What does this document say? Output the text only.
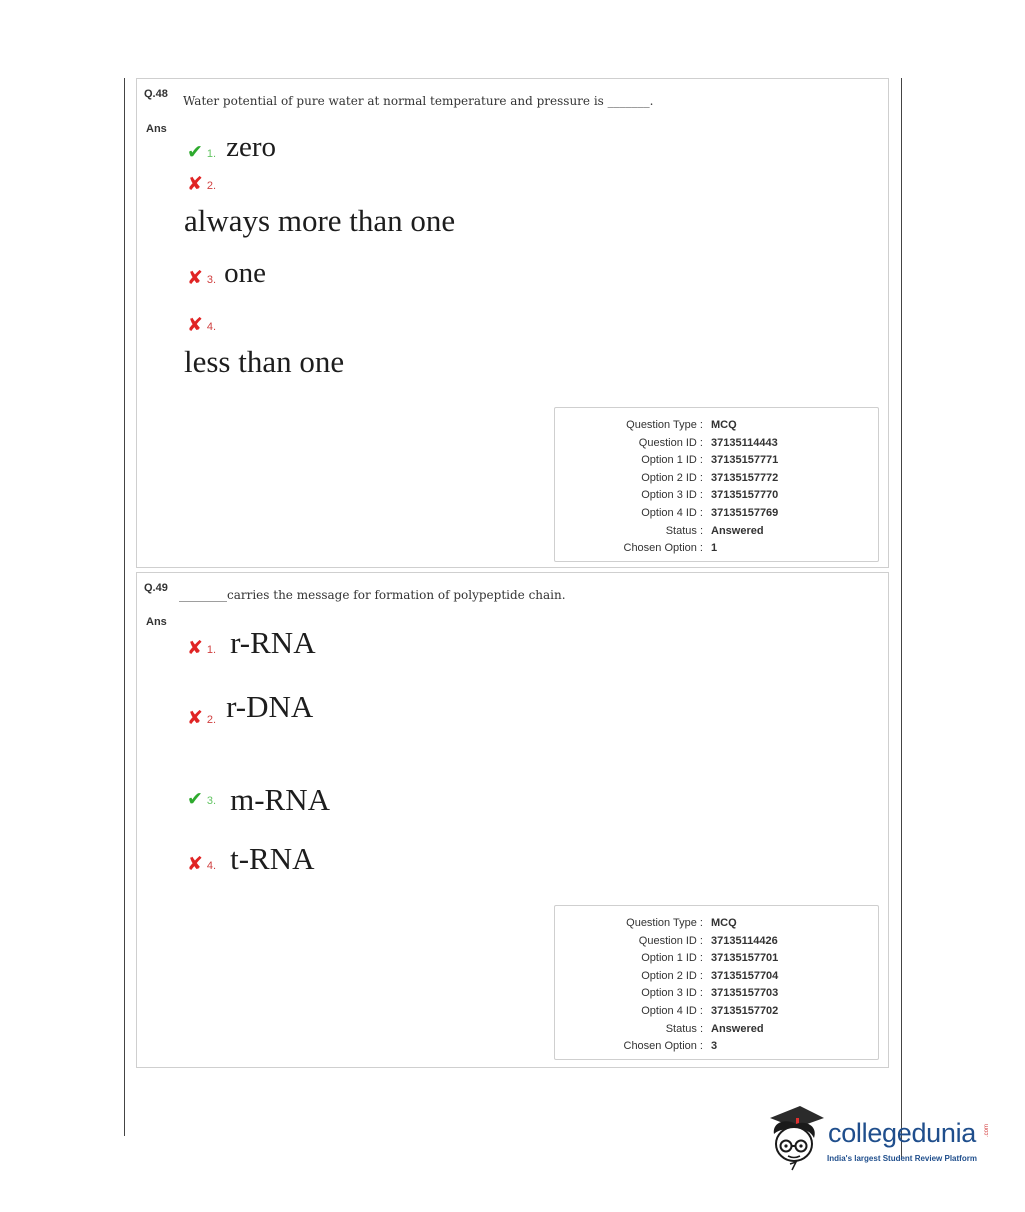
Q.48 Water potential of pure water at normal temperature and pressure is _______.
Ans
✔ 1. zero
✘ 2.
always more than one
✘ 3. one
✘ 4.
less than one
Question Type : MCQ
Question ID : 37135114443
Option 1 ID : 37135157771
Option 2 ID : 37135157772
Option 3 ID : 37135157770
Option 4 ID : 37135157769
Status : Answered
Chosen Option : 1
Q.49 ________carries the message for formation of polypeptide chain.
Ans
✘ 1. r-RNA
✘ 2. r-DNA
✔ 3. m-RNA
✘ 4. t-RNA
Question Type : MCQ
Question ID : 37135114426
Option 1 ID : 37135157701
Option 2 ID : 37135157704
Option 3 ID : 37135157703
Option 4 ID : 37135157702
Status : Answered
Chosen Option : 3
collegedunia .com
India's largest Student Review Platform
